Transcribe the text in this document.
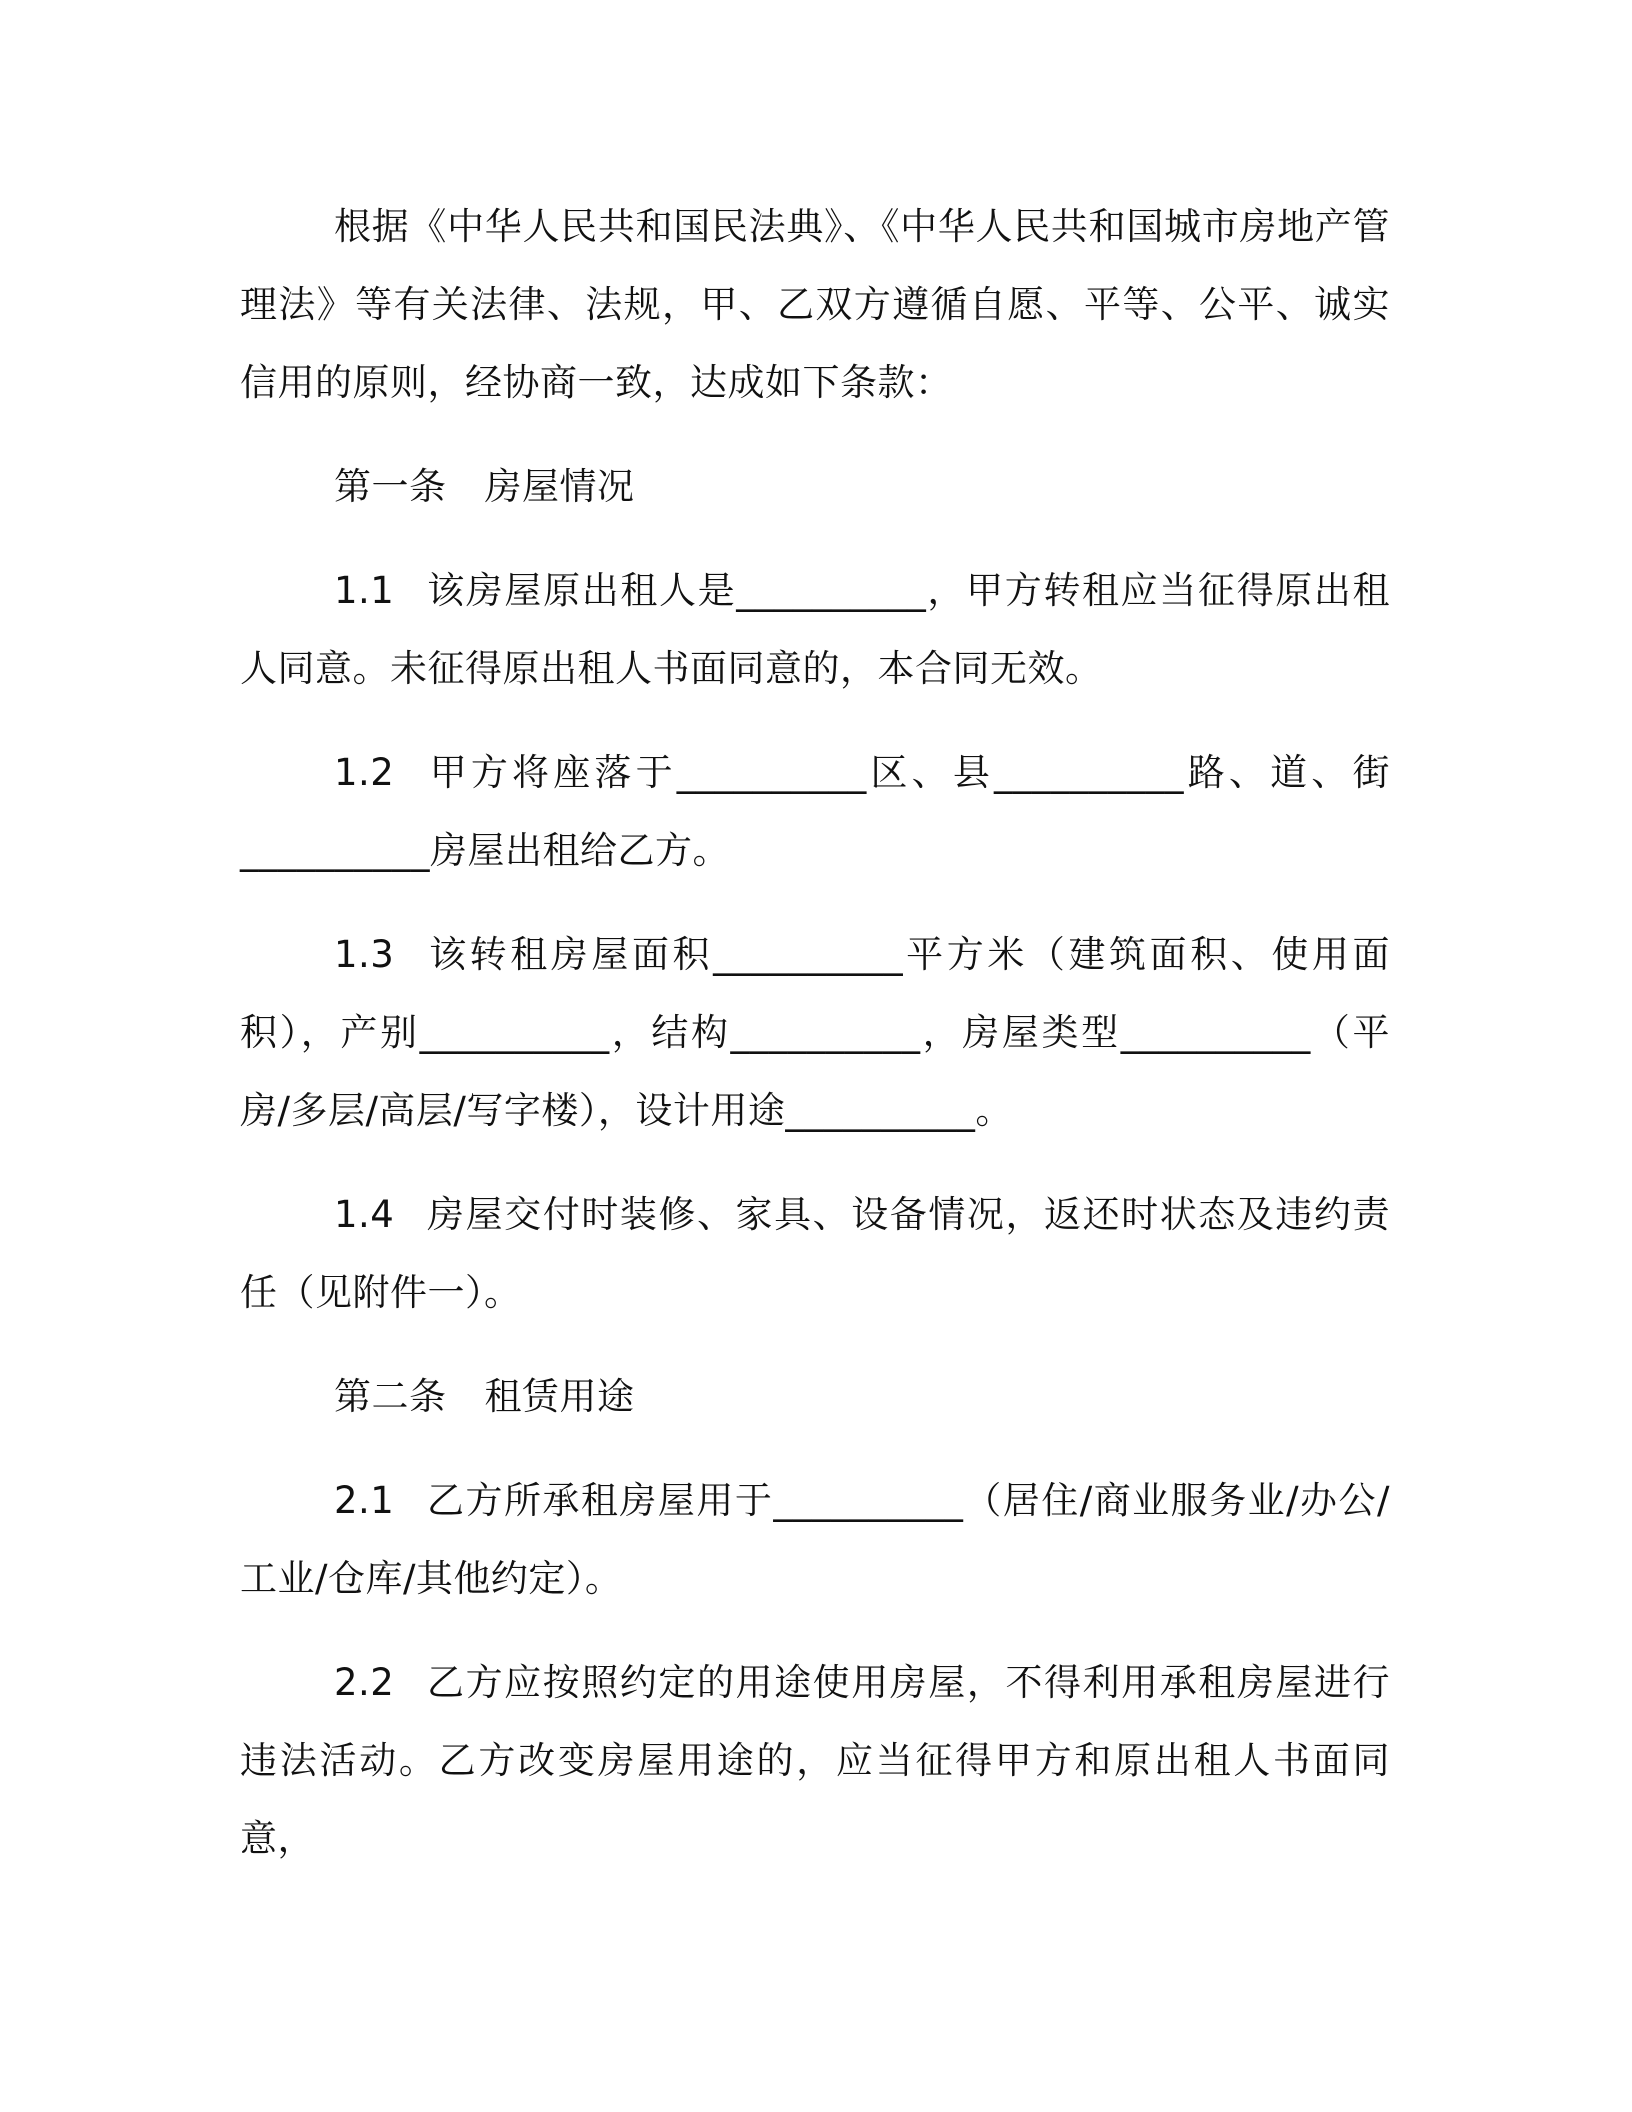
根据《中华人民共和国民法典》、《中华人民共和国城市房地产管理法》等有关法律、法规，甲、乙双方遵循自愿、平等、公平、诚实信用的原则，经协商一致，达成如下条款：

第一条 房屋情况

1.1 该房屋原出租人是__________，甲方转租应当征得原出租人同意。未征得原出租人书面同意的，本合同无效。

1.2 甲方将座落于__________区、县__________路、道、街__________房屋出租给乙方。

1.3 该转租房屋面积__________平方米（建筑面积、使用面积），产别__________，结构__________，房屋类型__________（平房/多层/高层/写字楼），设计用途__________。

1.4 房屋交付时装修、家具、设备情况，返还时状态及违约责任（见附件一）。

第二条 租赁用途

2.1 乙方所承租房屋用于__________（居住/商业服务业/办公/工业/仓库/其他约定）。

2.2 乙方应按照约定的用途使用房屋，不得利用承租房屋进行违法活动。乙方改变房屋用途的，应当征得甲方和原出租人书面同意，
